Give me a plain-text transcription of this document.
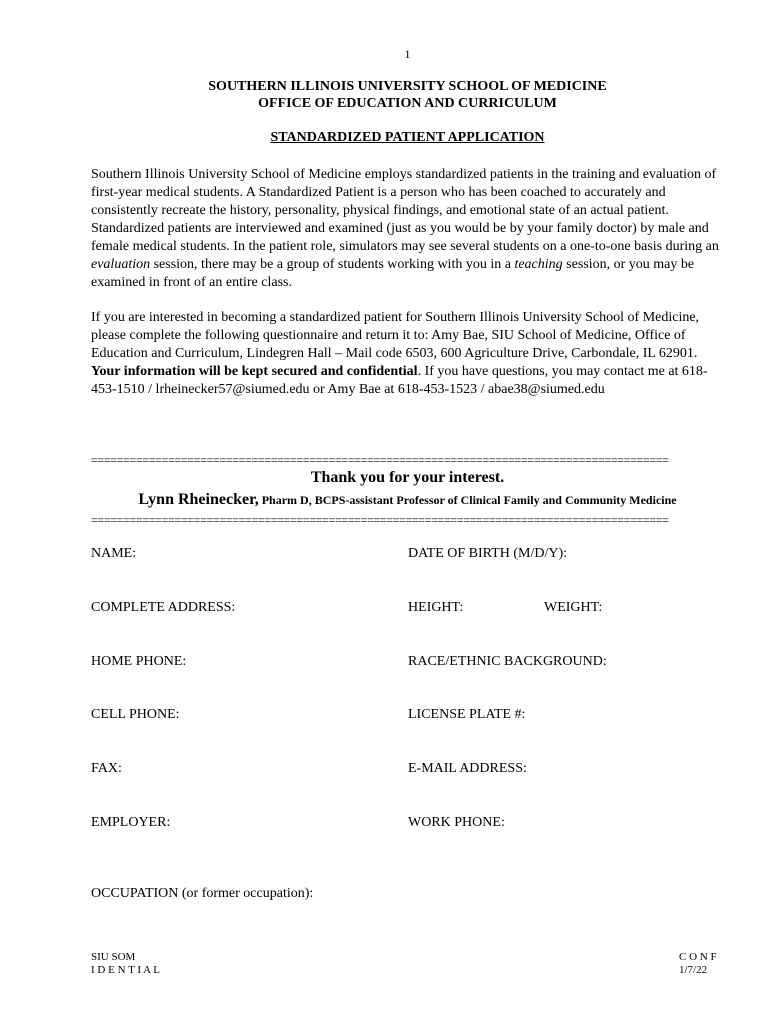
1
SOUTHERN ILLINOIS UNIVERSITY SCHOOL OF MEDICINE
OFFICE OF EDUCATION AND CURRICULUM
STANDARDIZED PATIENT APPLICATION
Southern Illinois University School of Medicine employs standardized patients in the training and evaluation of first-year medical students. A Standardized Patient is a person who has been coached to accurately and consistently recreate the history, personality, physical findings, and emotional state of an actual patient. Standardized patients are interviewed and examined (just as you would be by your family doctor) by male and female medical students. In the patient role, simulators may see several students on a one-to-one basis during an evaluation session, there may be a group of students working with you in a teaching session, or you may be examined in front of an entire class.
If you are interested in becoming a standardized patient for Southern Illinois University School of Medicine, please complete the following questionnaire and return it to: Amy Bae, SIU School of Medicine, Office of Education and Curriculum, Lindegren Hall – Mail code 6503, 600 Agriculture Drive, Carbondale, IL 62901. Your information will be kept secured and confidential. If you have questions, you may contact me at 618-453-1510 / lrheinecker57@siumed.edu or Amy Bae at 618-453-1523 / abae38@siumed.edu
==========================================================================================
Thank you for your interest.
Lynn Rheinecker, Pharm D, BCPS-assistant Professor of Clinical Family and Community Medicine
==========================================================================================
NAME:	DATE OF BIRTH (M/D/Y):
COMPLETE ADDRESS:	HEIGHT:	WEIGHT:
HOME PHONE:	RACE/ETHNIC BACKGROUND:
CELL PHONE:	LICENSE PLATE #:
FAX:	E-MAIL ADDRESS:
EMPLOYER:	WORK PHONE:
OCCUPATION (or former occupation):
SIU SOM
I D E N T I A L
C O N F
1/7/22
